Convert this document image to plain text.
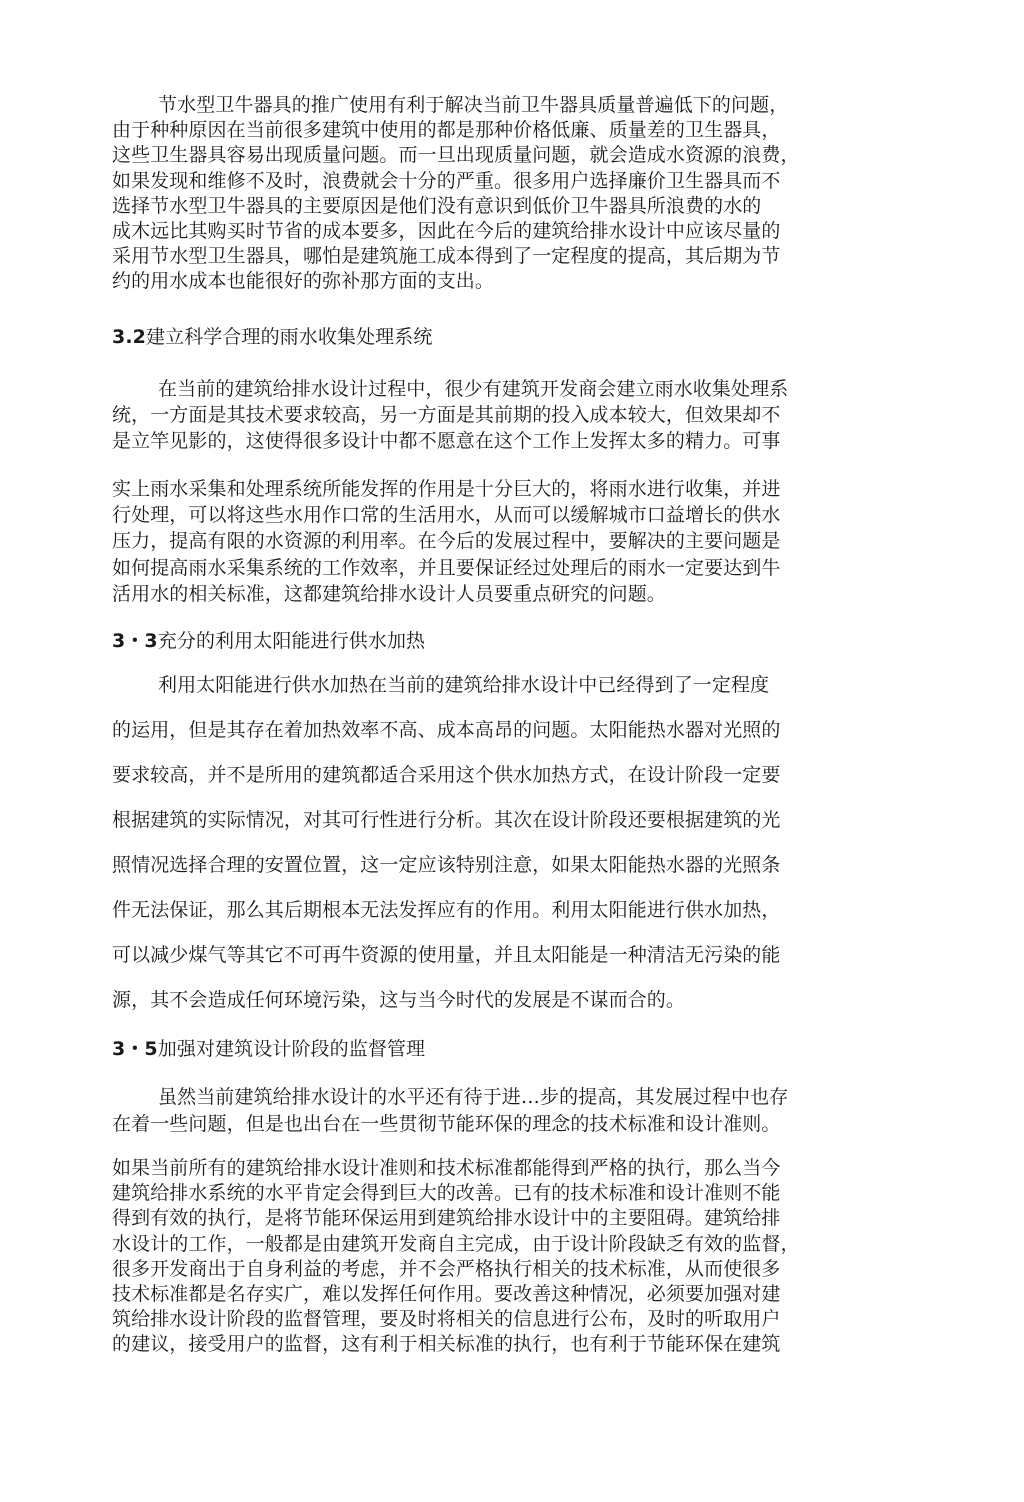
节水型卫牛器具的推广使用有利于解决当前卫牛器具质量普遍低下的问题，
由于种种原因在当前很多建筑中使用的都是那种价格低廉、质量差的卫生器具，
这些卫生器具容易出现质量问题。而一旦出现质量问题，就会造成水资源的浪费，
如果发现和维修不及时，浪费就会十分的严重。很多用户选择廉价卫生器具而不
选择节水型卫牛器具的主要原因是他们没有意识到低价卫牛器具所浪费的水的
成木远比其购买时节省的成本要多，因此在今后的建筑给排水设计中应该尽量的
采用节水型卫生器具，哪怕是建筑施工成本得到了一定程度的提高，其后期为节
约的用水成本也能很好的弥补那方面的支出。
3.2建立科学合理的雨水收集处理系统
在当前的建筑给排水设计过程中，很少有建筑开发商会建立雨水收集处理系
统，一方面是其技术要求较高，另一方面是其前期的投入成本较大，但效果却不
是立竿见影的，这使得很多设计中都不愿意在这个工作上发挥太多的精力。可事
实上雨水采集和处理系统所能发挥的作用是十分巨大的，将雨水进行收集，并进
行处理，可以将这些水用作口常的生活用水，从而可以缓解城市口益增长的供水
压力，提高有限的水资源的利用率。在今后的发展过程中，要解决的主要问题是
如何提高雨水采集系统的工作效率，并且要保证经过处理后的雨水一定要达到牛
活用水的相关标准，这都建筑给排水设计人员要重点研究的问题。
3・3充分的利用太阳能进行供水加热
利用太阳能进行供水加热在当前的建筑给排水设计中已经得到了一定程度
的运用，但是其存在着加热效率不高、成本高昂的问题。太阳能热水器对光照的
要求较高，并不是所用的建筑都适合采用这个供水加热方式，在设计阶段一定要
根据建筑的实际情况，对其可行性进行分析。其次在设计阶段还要根据建筑的光
照情况选择合理的安置位置，这一定应该特别注意，如果太阳能热水器的光照条
件无法保证，那么其后期根本无法发挥应有的作用。利用太阳能进行供水加热，
可以减少煤气等其它不可再牛资源的使用量，并且太阳能是一种清洁无污染的能
源，其不会造成任何环境污染，这与当今时代的发展是不谋而合的。
3・5加强对建筑设计阶段的监督管理
虽然当前建筑给排水设计的水平还有待于进…步的提高，其发展过程中也存
在着一些问题，但是也出台在一些贯彻节能环保的理念的技术标准和设计准则。
如果当前所有的建筑给排水设计准则和技术标准都能得到严格的执行，那么当今
建筑给排水系统的水平肯定会得到巨大的改善。已有的技术标准和设计准则不能
得到有效的执行，是将节能环保运用到建筑给排水设计中的主要阻碍。建筑给排
水设计的工作，一般都是由建筑开发商自主完成，由于设计阶段缺乏有效的监督，
很多开发商出于自身利益的考虑，并不会严格执行相关的技术标准，从而使很多
技术标准都是名存实广，难以发挥任何作用。要改善这种情况，必须要加强对建
筑给排水设计阶段的监督管理，要及时将相关的信息进行公布，及时的听取用户
的建议，接受用户的监督，这有利于相关标准的执行，也有利于节能环保在建筑
